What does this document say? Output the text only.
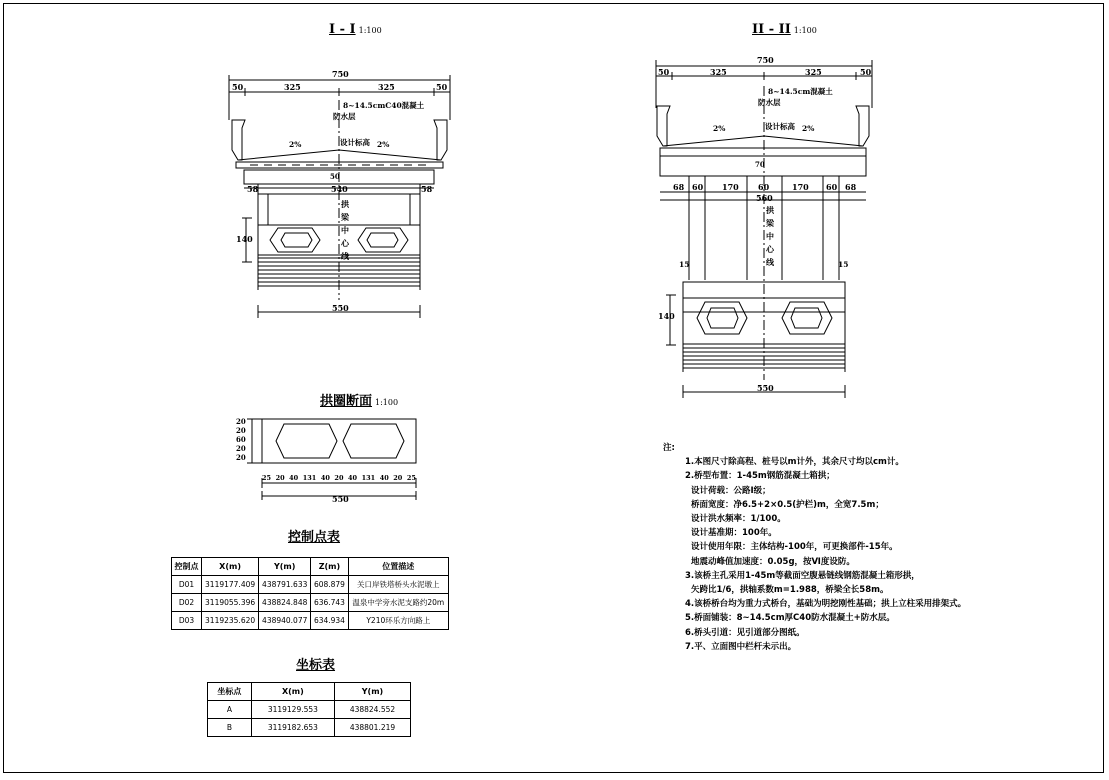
I - I 1:100	II - II 1:100
750
50	325	325	50
8~14.5cmC40混凝土
防水层
2%	2%
设计标高
50
540
58	58
拱梁中心线
140
550
750
50	325	325	50
8~14.5cm混凝土
防水层
2%	2%
设计标高
70
68 60 170 60	170 60 68
560
拱梁中心线
15	15
140
550
拱圈断面 1:100
20 20 60 20 20
25 20 40 131 40 20 40 131 40 20 25
550
控制点表
控制点	X(m)	Y(m)	Z(m)	位置描述
D01	3119177.409	438791.633	608.879	关口岸铁塔桥头水泥墩上
D02	3119055.396	438824.848	636.743	温泉中学旁水泥支路约20m
D03	3119235.620	438940.077	634.934	Y210环乐方向路上
坐标表
坐标点	X(m)	Y(m)
A	3119129.553	438824.552
B	3119182.653	438801.219
注:
1.本图尺寸除高程、桩号以m计外，其余尺寸均以cm计。
2.桥型布置：1-45m钢筋混凝土箱拱；
设计荷载：公路Ⅰ级；
桥面宽度：净6.5+2×0.5(护栏)m，全宽7.5m；
设计洪水频率：1/100。
设计基准期：100年。
设计使用年限：主体结构-100年，可更换部件-15年。
地震动峰值加速度：0.05g，按Ⅵ度设防。
3.该桥主孔采用1-45m等截面空腹悬链线钢筋混凝土箱形拱，
矢跨比1/6，拱轴系数m=1.988，桥梁全长58m。
4.该桥桥台均为重力式桥台，基础为明挖刚性基础；拱上立柱采用排架式。
5.桥面铺装：8~14.5cm厚C40防水混凝土+防水层。
6.桥头引道：见引道部分图纸。
7.平、立面图中栏杆未示出。
